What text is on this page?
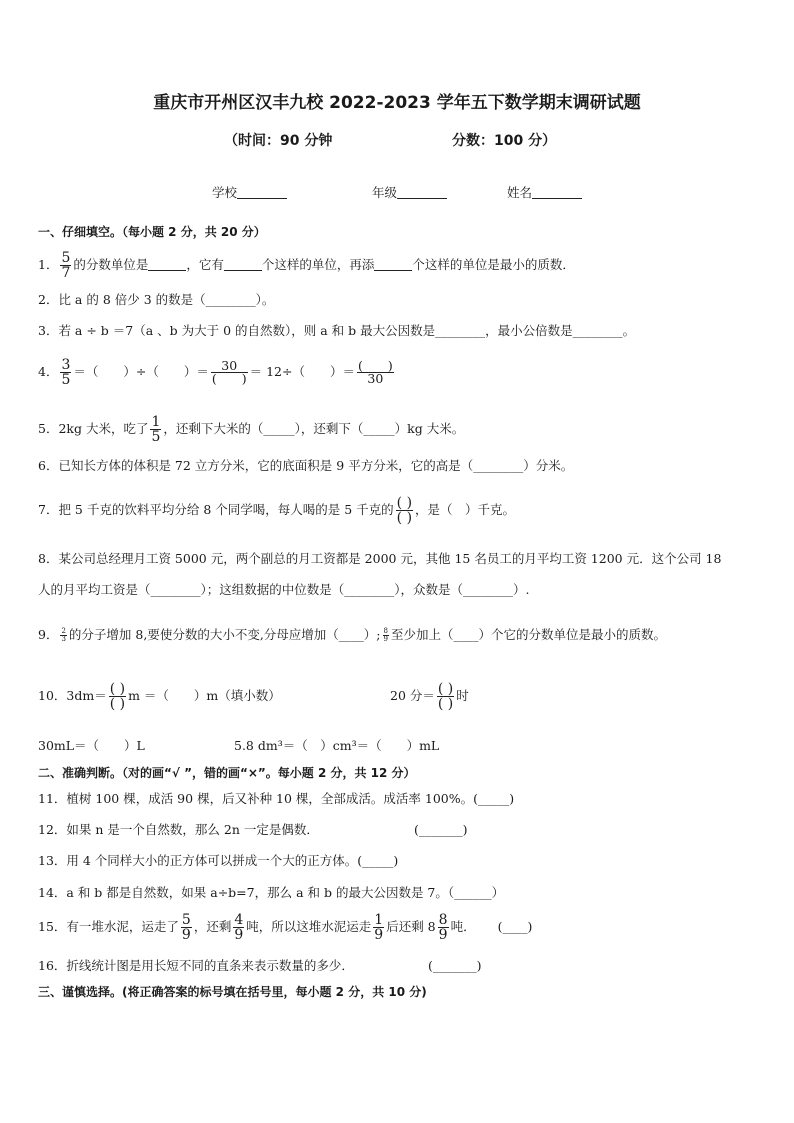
重庆市开州区汉丰九校 2022-2023 学年五下数学期末调研试题
（时间：90 分钟	分数：100 分）
学校	年级	姓名
一、仔细填空。（每小题 2 分，共 20 分）
1． $\frac{5}{7}$ 的分数单位是	，它有	个这样的单位，再添	个这样的单位是最小的质数．
2．比 a 的 8 倍少 3 的数是（________）。
3．若 a ÷ b ＝7（a 、b 为大于 0 的自然数），则 a 和 b 最大公因数是________，最小公倍数是________。
4． $\frac{3}{5}$ ＝（　　）÷（　　）＝ $\frac{30}{( )} = 12\div$（　　）＝ $\frac{( )}{30}$
5．2kg 大米，吃了 $\frac{1}{5}$ ，还剩下大米的（_____），还剩下（_____）kg 大米。
6．已知长方体的体积是 72 立方分米，它的底面积是 9 平方分米，它的高是（________）分米。
7．把 5 千克的饮料平均分给 8 个同学喝，每人喝的是 5 千克的 $\frac{( )}{( )}$ ，是（　）千克。
8．某公司总经理月工资 5000 元，两个副总的月工资都是 2000 元，其他 15 名员工的月平均工资 1200 元．这个公司 18
人的月平均工资是（________）；这组数据的中位数是（________），众数是（________）.
9． $\frac{2}{3}$ 的分子增加 8,要使分数的大小不变,分母应增加（____）; $\frac{8}{9}$ 至少加上（____）个它的分数单位是最小的质数。
10．$3dm= \frac{( )}{( )}$ m ＝（　　）m（填小数）	20 分＝ $\frac{( )}{( )}$ 时
30mL＝（　　）L	5.8 dm³＝（　）cm³＝（　　）mL
二、准确判断。（对的画“√ ”，错的画“×”。每小题 2 分，共 12 分）
11．植树 100 棵，成活 90 棵，后又补种 10 棵，全部成活。成活率 100%。(_____)
12．如果 n 是一个自然数，那么 2n 一定是偶数．	(_______)
13．用 4 个同样大小的正方体可以拼成一个大的正方体。(_____)
14．a 和 b 都是自然数，如果 a÷b=7，那么 a 和 b 的最大公因数是 7。（______）
15．有一堆水泥，运走了 $\frac{5}{9}$ ，还剩 $\frac{4}{9}$ 吨，所以这堆水泥运走 $\frac{1}{9}$ 后还剩 $8 \frac{8}{9}$ 吨． (____)
16．折线统计图是用长短不同的直条来表示数量的多少．	(_______)
三、谨慎选择。(将正确答案的标号填在括号里，每小题 2 分，共 10 分)
